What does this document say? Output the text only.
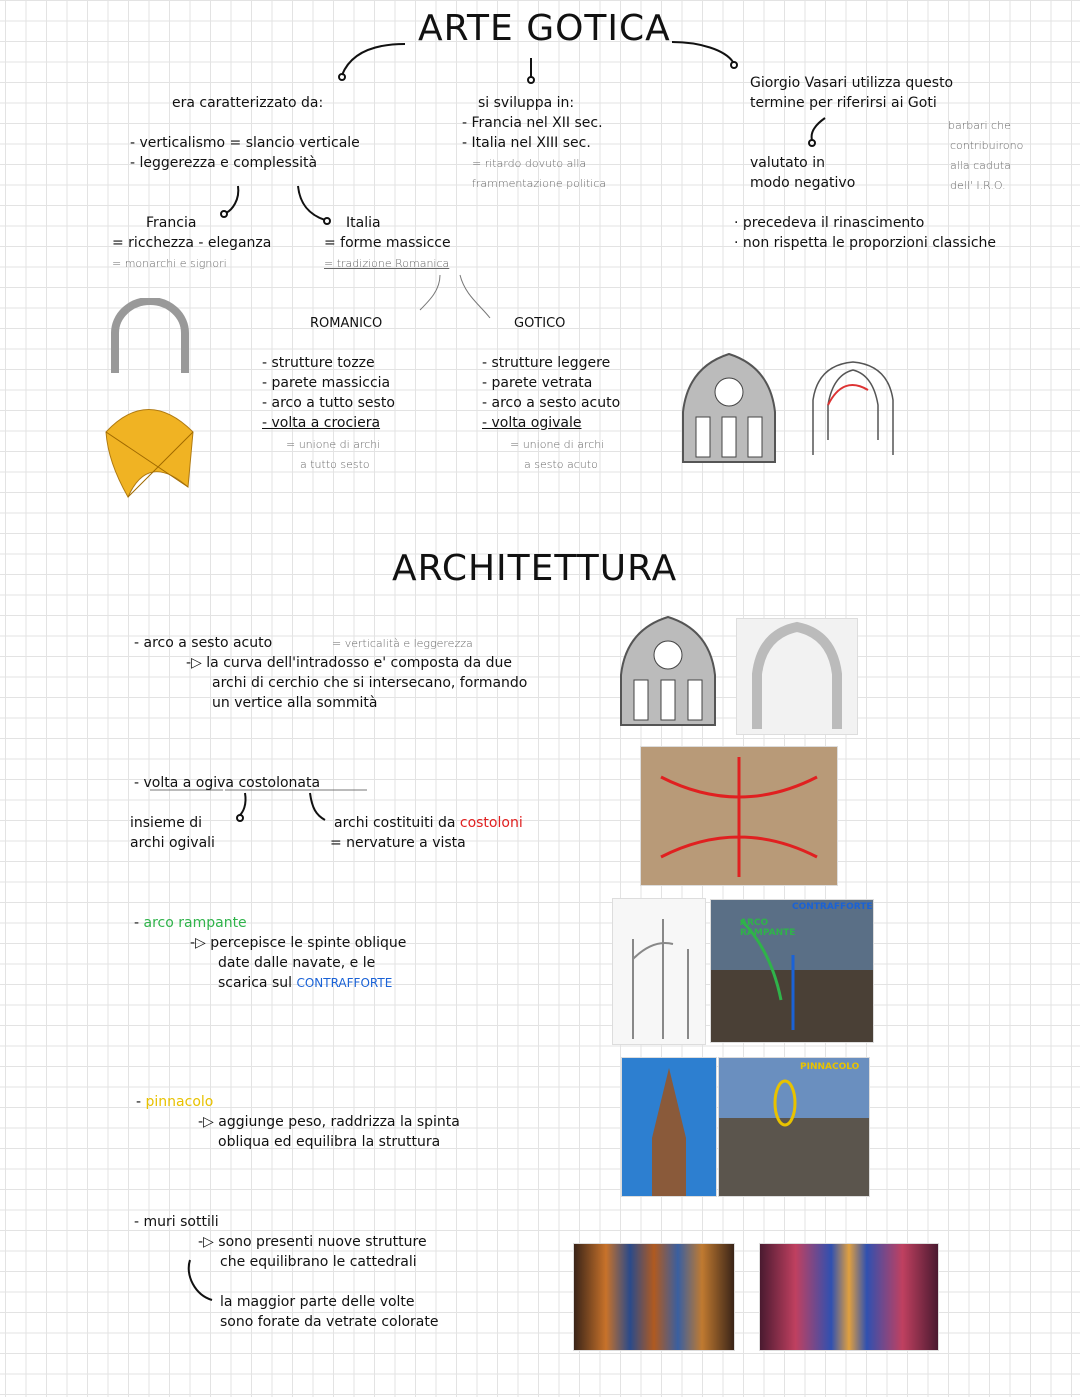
ARTE GOTICA
era caratterizzato da:
- verticalismo = slancio verticale
- leggerezza e complessità
Francia
= ricchezza - eleganza
= monarchi e signori
Italia
= forme massicce
= tradizione Romanica
si sviluppa in:
- Francia nel XII sec.
- Italia nel XIII sec.
= ritardo dovuto alla
frammentazione politica
Giorgio Vasari utilizza questo
termine per riferirsi ai Goti
barbari che
contribuirono
alla caduta
dell' I.R.O.
valutato in
modo negativo
· precedeva il rinascimento
· non rispetta le proporzioni classiche
ROMANICO
- strutture tozze
- parete massiccia
- arco a tutto sesto
- volta a crociera
= unione di archi
a tutto sesto
GOTICO
- strutture leggere
- parete vetrata
- arco a sesto acuto
- volta ogivale
= unione di archi
a sesto acuto
ARCHITETTURA
- arco a sesto acuto	= verticalità e leggerezza
-▷ la curva dell'intradosso e' composta da due
archi di cerchio che si intersecano, formando
un vertice alla sommità
- volta a ogiva costolonata
insieme di
archi ogivali
archi costituiti da costoloni
= nervature a vista
- arco rampante
-▷ percepisce le spinte oblique
date dalle navate, e le
scarica sul CONTRAFFORTE
- pinnacolo
-▷ aggiunge peso, raddrizza la spinta
obliqua ed equilibra la struttura
- muri sottili
-▷ sono presenti nuove strutture
che equilibrano le cattedrali
la maggior parte delle volte
sono forate da vetrate colorate
CONTRAFFORTE
ARCO RAMPANTE
PINNACOLO
